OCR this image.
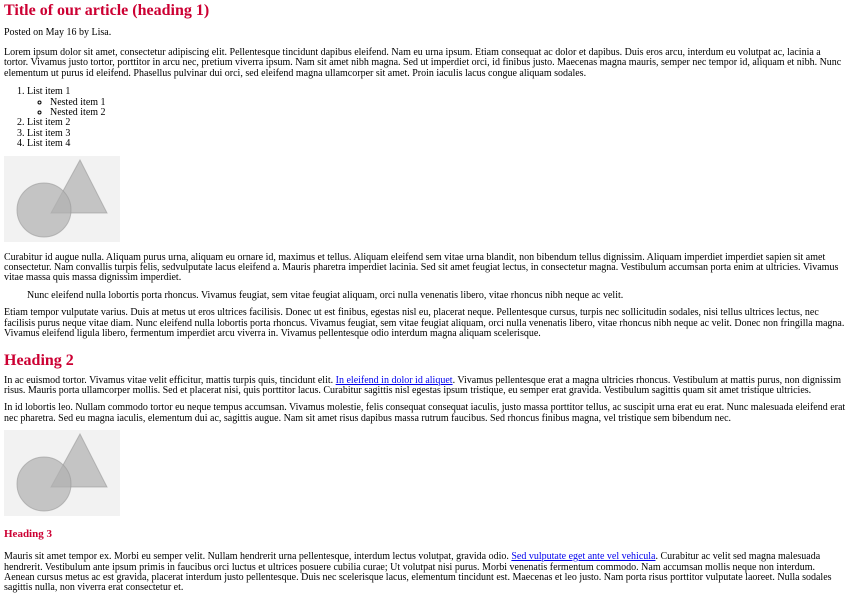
Title of our article (heading 1)

Posted on May 16 by Lisa.

Lorem ipsum dolor sit amet, consectetur adipiscing elit. Pellentesque tincidunt dapibus eleifend. Nam eu urna ipsum. Etiam consequat ac dolor et dapibus. Duis eros arcu, interdum eu volutpat ac, lacinia a tortor. Vivamus justo tortor, porttitor in arcu nec, pretium viverra ipsum. Nam sit amet nibh magna. Sed ut imperdiet orci, id finibus justo. Maecenas magna mauris, semper nec tempor id, aliquam et nibh. Nunc elementum ut purus id eleifend. Phasellus pulvinar dui orci, sed eleifend magna ullamcorper sit amet. Proin iaculis lacus congue aliquam sodales.

1. List item 1
◦ Nested item 1
◦ Nested item 2
2. List item 2
3. List item 3
4. List item 4

Curabitur id augue nulla. Aliquam purus urna, aliquam eu ornare id, maximus et tellus. Aliquam eleifend sem vitae urna blandit, non bibendum tellus dignissim. Aliquam imperdiet imperdiet sapien sit amet consectetur. Nam convallis turpis felis, sedvulputate lacus eleifend a. Mauris pharetra imperdiet lacinia. Sed sit amet feugiat lectus, in consectetur magna. Vestibulum accumsan porta enim at ultricies. Vivamus vitae massa quis massa dignissim imperdiet.

Nunc eleifend nulla lobortis porta rhoncus. Vivamus feugiat, sem vitae feugiat aliquam, orci nulla venenatis libero, vitae rhoncus nibh neque ac velit.

Etiam tempor vulputate varius. Duis at metus ut eros ultrices facilisis. Donec ut est finibus, egestas nisl eu, placerat neque. Pellentesque cursus, turpis nec sollicitudin sodales, nisi tellus ultrices lectus, nec facilisis purus neque vitae diam. Nunc eleifend nulla lobortis porta rhoncus. Vivamus feugiat, sem vitae feugiat aliquam, orci nulla venenatis libero, vitae rhoncus nibh neque ac velit. Donec non fringilla magna. Vivamus eleifend ligula libero, fermentum imperdiet arcu viverra in. Vivamus pellentesque odio interdum magna aliquam scelerisque.

Heading 2

In ac euismod tortor. Vivamus vitae velit efficitur, mattis turpis quis, tincidunt elit. In eleifend in dolor id aliquet. Vivamus pellentesque erat a magna ultricies rhoncus. Vestibulum at mattis purus, non dignissim risus. Mauris porta ullamcorper mollis. Sed et placerat nisi, quis porttitor lacus. Curabitur sagittis nisl egestas ipsum tristique, eu semper erat gravida. Vestibulum sagittis quam sit amet tristique ultricies.

In id lobortis leo. Nullam commodo tortor eu neque tempus accumsan. Vivamus molestie, felis consequat consequat iaculis, justo massa porttitor tellus, ac suscipit urna erat eu erat. Nunc malesuada eleifend erat nec pharetra. Sed eu magna iaculis, elementum dui ac, sagittis augue. Nam sit amet risus dapibus massa rutrum faucibus. Sed rhoncus finibus magna, vel tristique sem bibendum nec.

Heading 3

Mauris sit amet tempor ex. Morbi eu semper velit. Nullam hendrerit urna pellentesque, interdum lectus volutpat, gravida odio. Sed vulputate eget ante vel vehicula. Curabitur ac velit sed magna malesuada hendrerit. Vestibulum ante ipsum primis in faucibus orci luctus et ultrices posuere cubilia curae; Ut volutpat nisi purus. Morbi venenatis fermentum commodo. Nam accumsan mollis neque non interdum. Aenean cursus metus ac est gravida, placerat interdum justo pellentesque. Duis nec scelerisque lacus, elementum tincidunt est. Maecenas et leo justo. Nam porta risus porttitor vulputate laoreet. Nulla sodales sagittis nulla, non viverra erat consectetur et.
